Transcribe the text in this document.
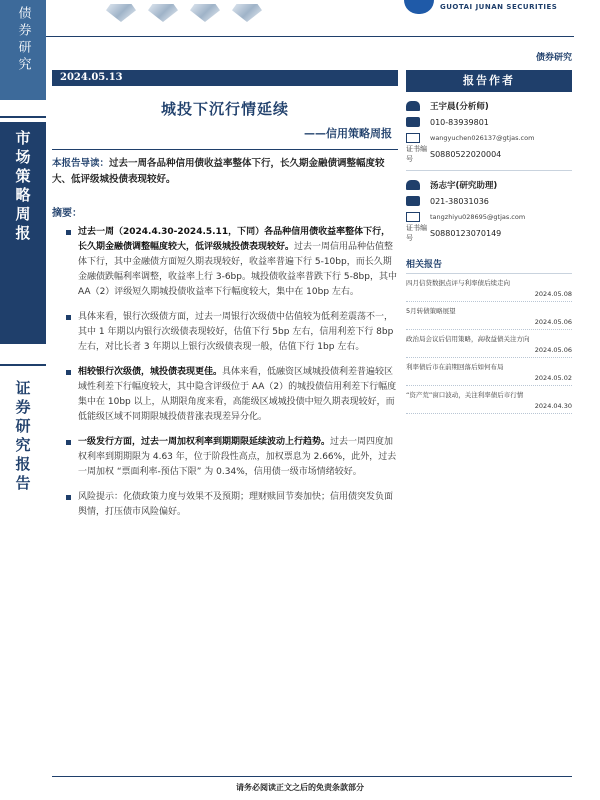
债券研究
市场策略周报
证券研究报告
GUOTAI JUNAN SECURITIES
债券研究
2024.05.13
城投下沉行情延续
——信用策略周报
本报告导读：过去一周各品种信用债收益率整体下行，长久期金融债调整幅度较大、低评级城投债表现较好。
摘要：
过去一周（2024.4.30-2024.5.11，下同）各品种信用债收益率整体下行，长久期金融债调整幅度较大，低评级城投债表现较好。过去一周信用品种估值整体下行，其中金融债方面短久期表现较好，收益率普遍下行 5-10bp，而长久期金融债跌幅利率调整，收益率上行 3-6bp。城投债收益率普跌下行 5-8bp，其中 AA（2）评级短久期城投债收益率下行幅度较大，集中在 10bp 左右。
具体来看，银行次级债方面，过去一周银行次级债中估值较为低利差震荡不一，其中 1 年期以内银行次级债表现较好，估值下行 5bp 左右，信用利差下行 8bp 左右，对比长者 3 年期以上银行次级债表现一般，估值下行 1bp 左右。
相较银行次级债，城投债表现更佳。具体来看，低融资区域城投债利差普遍较区域性利差下行幅度较大，其中隐含评级位于 AA（2）的城投债信用利差下行幅度集中在 10bp 以上，从期限角度来看，高能级区域城投债中短久期表现较好，而低能级区域不同期限城投债普涨表现差异分化。
一级发行方面，过去一周加权利率到期期限延续波动上行趋势。过去一周四度加权利率到期期限为 4.63 年，位于阶段性高点，加权票息为 2.66%，此外，过去一周加权 “票面利率-预估下限” 为 0.34%，信用债一级市场情绪较好。
风险提示：化债政策力度与效果不及预期；理财赎回节奏加快；信用债突发负面舆情，打压债市风险偏好。
报告作者
王宇晨(分析师)
010-83939801
wangyuchen026137@gtjas.com
证书编号
S0880522020004
汤志宇(研究助理)
021-38031036
tangzhiyu028695@gtjas.com
证书编号
S0880123070149
相关报告
四月信贷数据点评与利率债后续走向
2024.05.08
5月转债策略展望
2024.05.06
政治局会议后信用策略，高收益债关注方向
2024.05.06
利率债后市在前期回落后如何布局
2024.05.02
“资产荒”窗口波动，关注利率债后市行情
2024.04.30
请务必阅读正文之后的免责条款部分
